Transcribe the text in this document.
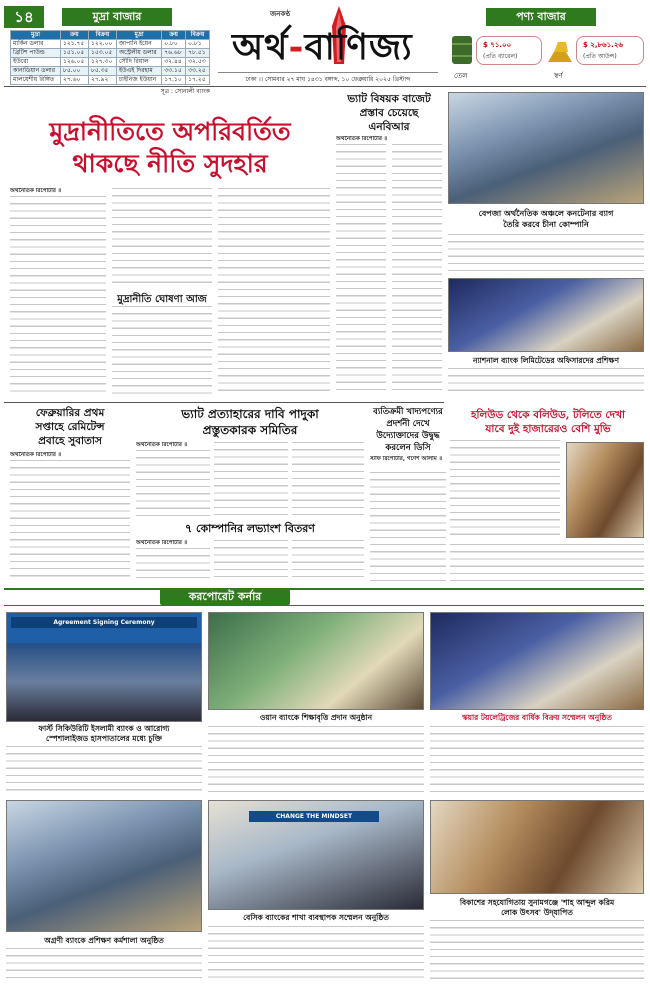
১৪	মুদ্রা বাজার	পণ্য বাজার
মুদ্রা	ক্রয়	বিক্রয়	মুদ্রা	ক্রয়	বিক্রয়
মার্কিন ডলার	১২১.৭৫	১২২.০০	জাপানি ইয়েন	০.৮০	০.৮১
ব্রিটিশ পাউন্ড	১৫১.০৫	১৫৩.০৫	অস্ট্রেলীয় ডলার	৭৬.৬৮	৭৮.৫১
ইউরো	১২৬.০৫	১২৭.৩০	সৌদি রিয়াল	৩২.৪৪	৩২.৫৩
কানাডিয়ান ডলার	৮৫.০০	৮৫.৩৫	ইউএই দিরহাম	৩৩.১৫	৩৩.২৫
মালয়েশীয় রিঙ্গিত	২৭.৬০	২৭.৯২	চাইনিজ ইউয়ান	১৭.১০	১৭.২৫
সূত্র : সোনালী ব্যাংক
জনকণ্ঠ
অর্থ-বাণিজ্য
ঢাকা ।। সোমবার ২৭ মাঘ ১৪৩১ বঙ্গাব্দ, ১০ ফেব্রুয়ারি ২০২৫ খ্রিস্টাব্দ
$ ৭১.০০
(প্রতি ব্যারেল)
তেল
$ ২,৮৬১.২৬
(প্রতি আউন্স)
স্বর্ণ
মুদ্রানীতিতে অপরিবর্তিত
থাকছে নীতি সুদহার
অর্থনৈতিক রিপোর্টার ॥
মুদ্রানীতি ঘোষণা আজ
ভ্যাট বিষয়ক বাজেট
প্রস্তাব চেয়েছে
এনবিআর
অর্থনৈতিক রিপোর্টার ॥
বেপজা অর্থনৈতিক অঞ্চলে কনটেনার ব্যাগ
তৈরি করবে চীনা কোম্পানি
ন্যাশনাল ব্যাংক লিমিটেডের অফিসারদের প্রশিক্ষণ
ফেব্রুয়ারির প্রথম
সপ্তাহে রেমিটেন্স
প্রবাহে সুবাতাস
অর্থনৈতিক রিপোর্টার ॥
ভ্যাট প্রত্যাহারের দাবি পাদুকা
প্রস্তুতকারক সমিতির
অর্থনৈতিক রিপোর্টার ॥
৭ কোম্পানির লভ্যাংশ বিতরণ
অর্থনৈতিক রিপোর্টার ॥
ব্যতিক্রমী খাদ্যপণ্যের
প্রদর্শনী দেখে
উদ্যোক্তাদের উদ্বুদ্ধ
করলেন ডিসি
স্টাফ রিপোর্টার, গণেশ আলাম ॥
হলিউড থেকে বলিউড, টলিতে দেখা
যাবে দুই হাজারেরও বেশি মুভি
করপোরেট কর্নার
Agreement Signing Ceremony
ফার্স্ট সিকিউরিটি ইসলামী ব্যাংক ও আরোগ্য
স্পেশালাইজড হাসপাতালের মধ্যে চুক্তি
ওয়ান ব্যাংকে শিক্ষাবৃত্তি প্রদান অনুষ্ঠান	স্কয়ার টয়লেট্রিজের বার্ষিক বিক্রয় সম্মেলন অনুষ্ঠিত
অগ্রণী ব্যাংকে প্রশিক্ষণ কর্মশালা অনুষ্ঠিত
CHANGE THE MINDSET
বেসিক ব্যাংকের শাখা ব্যবস্থাপক সম্মেলন অনুষ্ঠিত
বিকাশের সহযোগিতায় সুনামগঞ্জে 'শাহ আব্দুল করিম
লোক উৎসব' উদ্‌যাপিত
